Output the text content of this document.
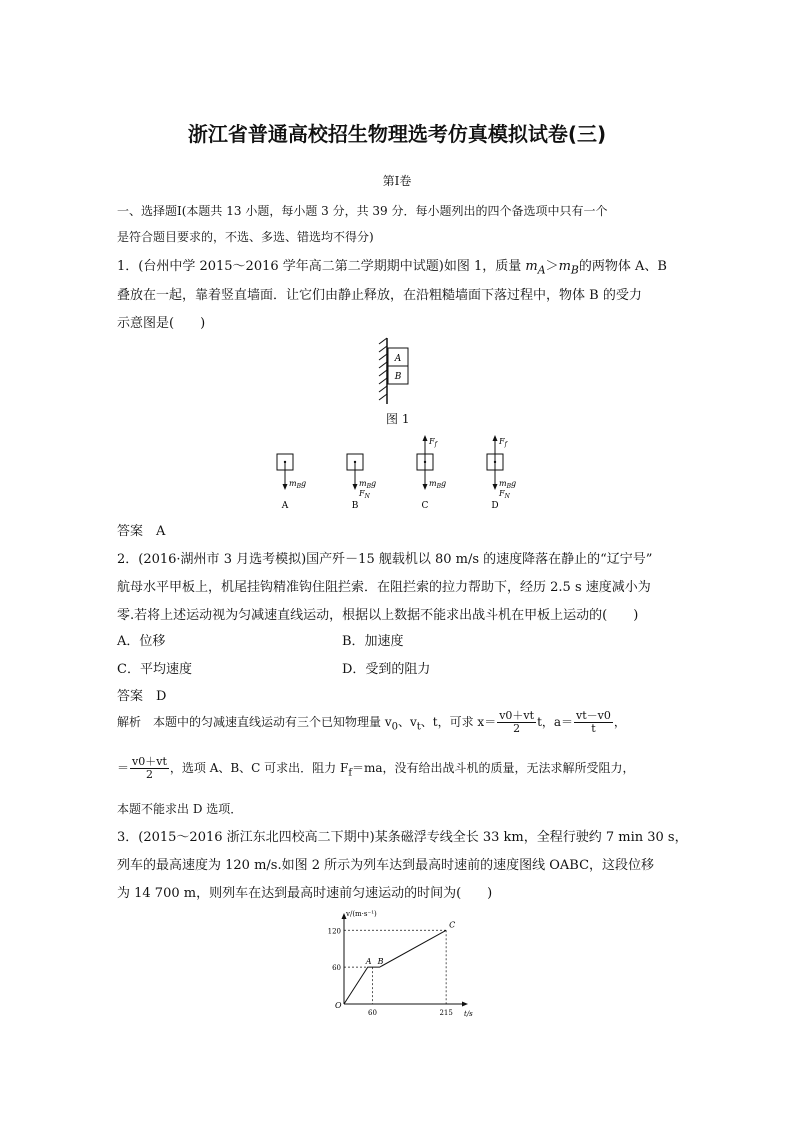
浙江省普通高校招生物理选考仿真模拟试卷(三)
第Ⅰ卷
一、选择题Ⅰ(本题共 13 小题，每小题 3 分，共 39 分．每小题列出的四个备选项中只有一个
是符合题目要求的，不选、多选、错选均不得分)
1．(台州中学 2015～2016 学年高二第二学期期中试题)如图 1，质量 $m_A>m_B$的两物体 A、B
叠放在一起，靠着竖直墙面．让它们由静止释放，在沿粗糙墙面下落过程中，物体 B 的受力
示意图是(　　)
A
B
图 1
$m_Bg$
A
$m_Bg$
$F_N$
B
$m_Bg$
$F_f$
C
$m_Bg$
$F_N$
$F_f$
D
答案　A
2．(2016·湖州市 3 月选考模拟)国产歼－15 舰载机以 80 m/s 的速度降落在静止的“辽宁号”
航母水平甲板上，机尾挂钩精准钩住阻拦索．在阻拦索的拉力帮助下，经历 2.5 s 速度减小为
零.若将上述运动视为匀减速直线运动，根据以上数据不能求出战斗机在甲板上运动的(　　)
A．位移	B．加速度
C．平均速度	D．受到的阻力
答案　D
解析　本题中的匀减速直线运动有三个已知物理量 $v_0$、$v_t$、t，可求 $x= \frac{v0+vt}{2}$ t，$a= \frac{vt-v0}{t}$ ，
＝ $\frac{v0+vt}{2}$ ，选项 A、B、C 可求出．阻力 $F_f=ma$，没有给出战斗机的质量，无法求解所受阻力，
本题不能求出 D 选项．
3．(2015～2016 浙江东北四校高二下期中)某条磁浮专线全长 33 km，全程行驶约 7 min 30 s，
列车的最高速度为 120 m/s.如图 2 所示为列车达到最高时速前的速度图线 OABC，这段位移
为 14 700 m，则列车在达到最高时速前匀速运动的时间为(　　)
v/(m·s⁻¹)
t/s
O
60
120
60	215
A B
C
